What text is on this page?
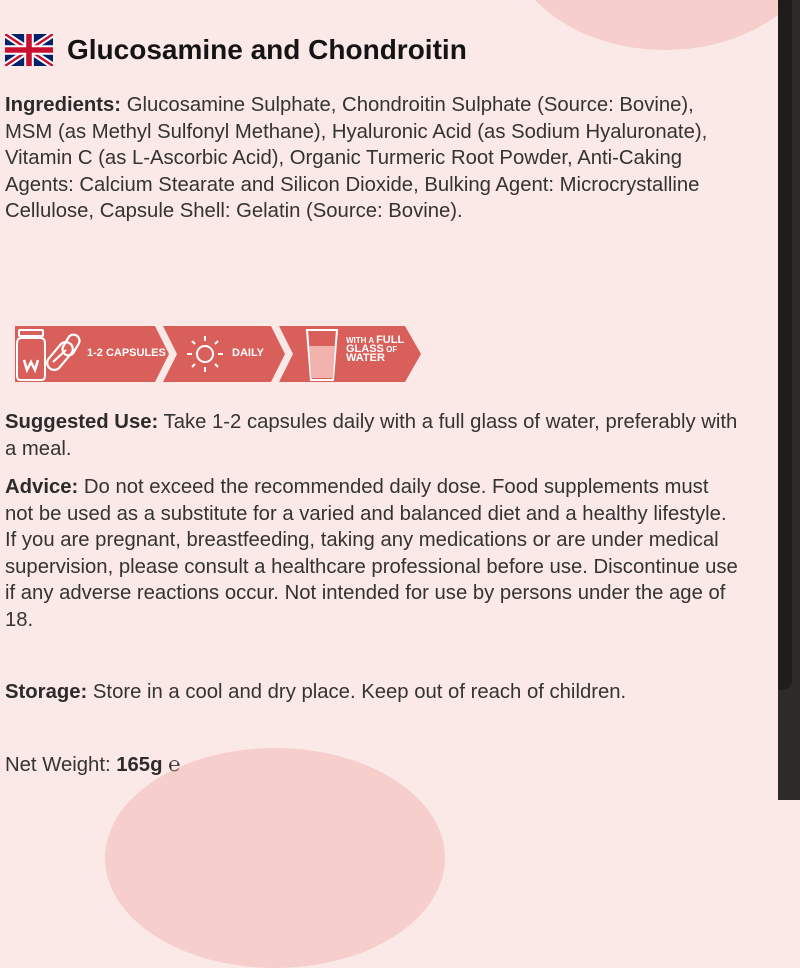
Glucosamine and Chondroitin

Ingredients: Glucosamine Sulphate, Chondroitin Sulphate (Source: Bovine), MSM (as Methyl Sulfonyl Methane), Hyaluronic Acid (as Sodium Hyaluronate), Vitamin C (as L-Ascorbic Acid), Organic Turmeric Root Powder, Anti-Caking Agents: Calcium Stearate and Silicon Dioxide, Bulking Agent: Microcrystalline Cellulose, Capsule Shell: Gelatin (Source: Bovine).

1-2 CAPSULES	DAILY
WITH A FULL
GLASS OF
WATER

Suggested Use: Take 1-2 capsules daily with a full glass of water, preferably with a meal.

Advice: Do not exceed the recommended daily dose. Food supplements must not be used as a substitute for a varied and balanced diet and a healthy lifestyle. If you are pregnant, breastfeeding, taking any medications or are under medical supervision, please consult a healthcare professional before use. Discontinue use if any adverse reactions occur. Not intended for use by persons under the age of 18.

Storage: Store in a cool and dry place. Keep out of reach of children.

Net Weight: 165g ℮
